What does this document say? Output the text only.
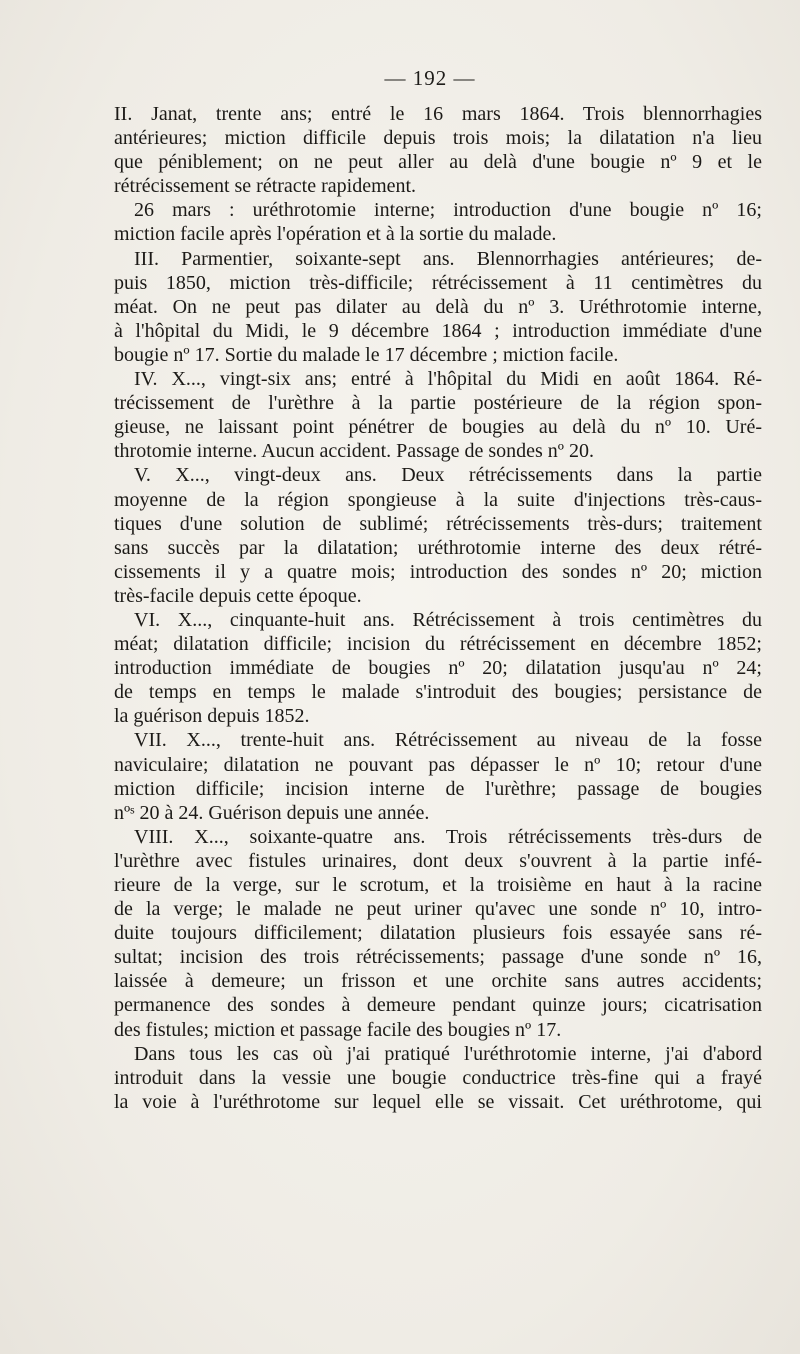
— 192 —
II. Janat, trente ans; entré le 16 mars 1864. Trois blennorrhagies
antérieures; miction difficile depuis trois mois; la dilatation n'a lieu
que péniblement; on ne peut aller au delà d'une bougie nº 9 et le
rétrécissement se rétracte rapidement.
26 mars : uréthrotomie interne; introduction d'une bougie nº 16;
miction facile après l'opération et à la sortie du malade.
III. Parmentier, soixante-sept ans. Blennorrhagies antérieures; de-
puis 1850, miction très-difficile; rétrécissement à 11 centimètres du
méat. On ne peut pas dilater au delà du nº 3. Uréthrotomie interne,
à l'hôpital du Midi, le 9 décembre 1864 ; introduction immédiate d'une
bougie nº 17. Sortie du malade le 17 décembre ; miction facile.
IV. X..., vingt-six ans; entré à l'hôpital du Midi en août 1864. Ré-
trécissement de l'urèthre à la partie postérieure de la région spon-
gieuse, ne laissant point pénétrer de bougies au delà du nº 10. Uré-
throtomie interne. Aucun accident. Passage de sondes nº 20.
V. X..., vingt-deux ans. Deux rétrécissements dans la partie
moyenne de la région spongieuse à la suite d'injections très-caus-
tiques d'une solution de sublimé; rétrécissements très-durs; traitement
sans succès par la dilatation; uréthrotomie interne des deux rétré-
cissements il y a quatre mois; introduction des sondes nº 20; miction
très-facile depuis cette époque.
VI. X..., cinquante-huit ans. Rétrécissement à trois centimètres du
méat; dilatation difficile; incision du rétrécissement en décembre 1852;
introduction immédiate de bougies nº 20; dilatation jusqu'au nº 24;
de temps en temps le malade s'introduit des bougies; persistance de
la guérison depuis 1852.
VII. X..., trente-huit ans. Rétrécissement au niveau de la fosse
naviculaire; dilatation ne pouvant pas dépasser le nº 10; retour d'une
miction difficile; incision interne de l'urèthre; passage de bougies
nºˢ 20 à 24. Guérison depuis une année.
VIII. X..., soixante-quatre ans. Trois rétrécissements très-durs de
l'urèthre avec fistules urinaires, dont deux s'ouvrent à la partie infé-
rieure de la verge, sur le scrotum, et la troisième en haut à la racine
de la verge; le malade ne peut uriner qu'avec une sonde nº 10, intro-
duite toujours difficilement; dilatation plusieurs fois essayée sans ré-
sultat; incision des trois rétrécissements; passage d'une sonde nº 16,
laissée à demeure; un frisson et une orchite sans autres accidents;
permanence des sondes à demeure pendant quinze jours; cicatrisation
des fistules; miction et passage facile des bougies nº 17.
Dans tous les cas où j'ai pratiqué l'uréthrotomie interne, j'ai d'abord
introduit dans la vessie une bougie conductrice très-fine qui a frayé
la voie à l'uréthrotome sur lequel elle se vissait. Cet uréthrotome, qui
